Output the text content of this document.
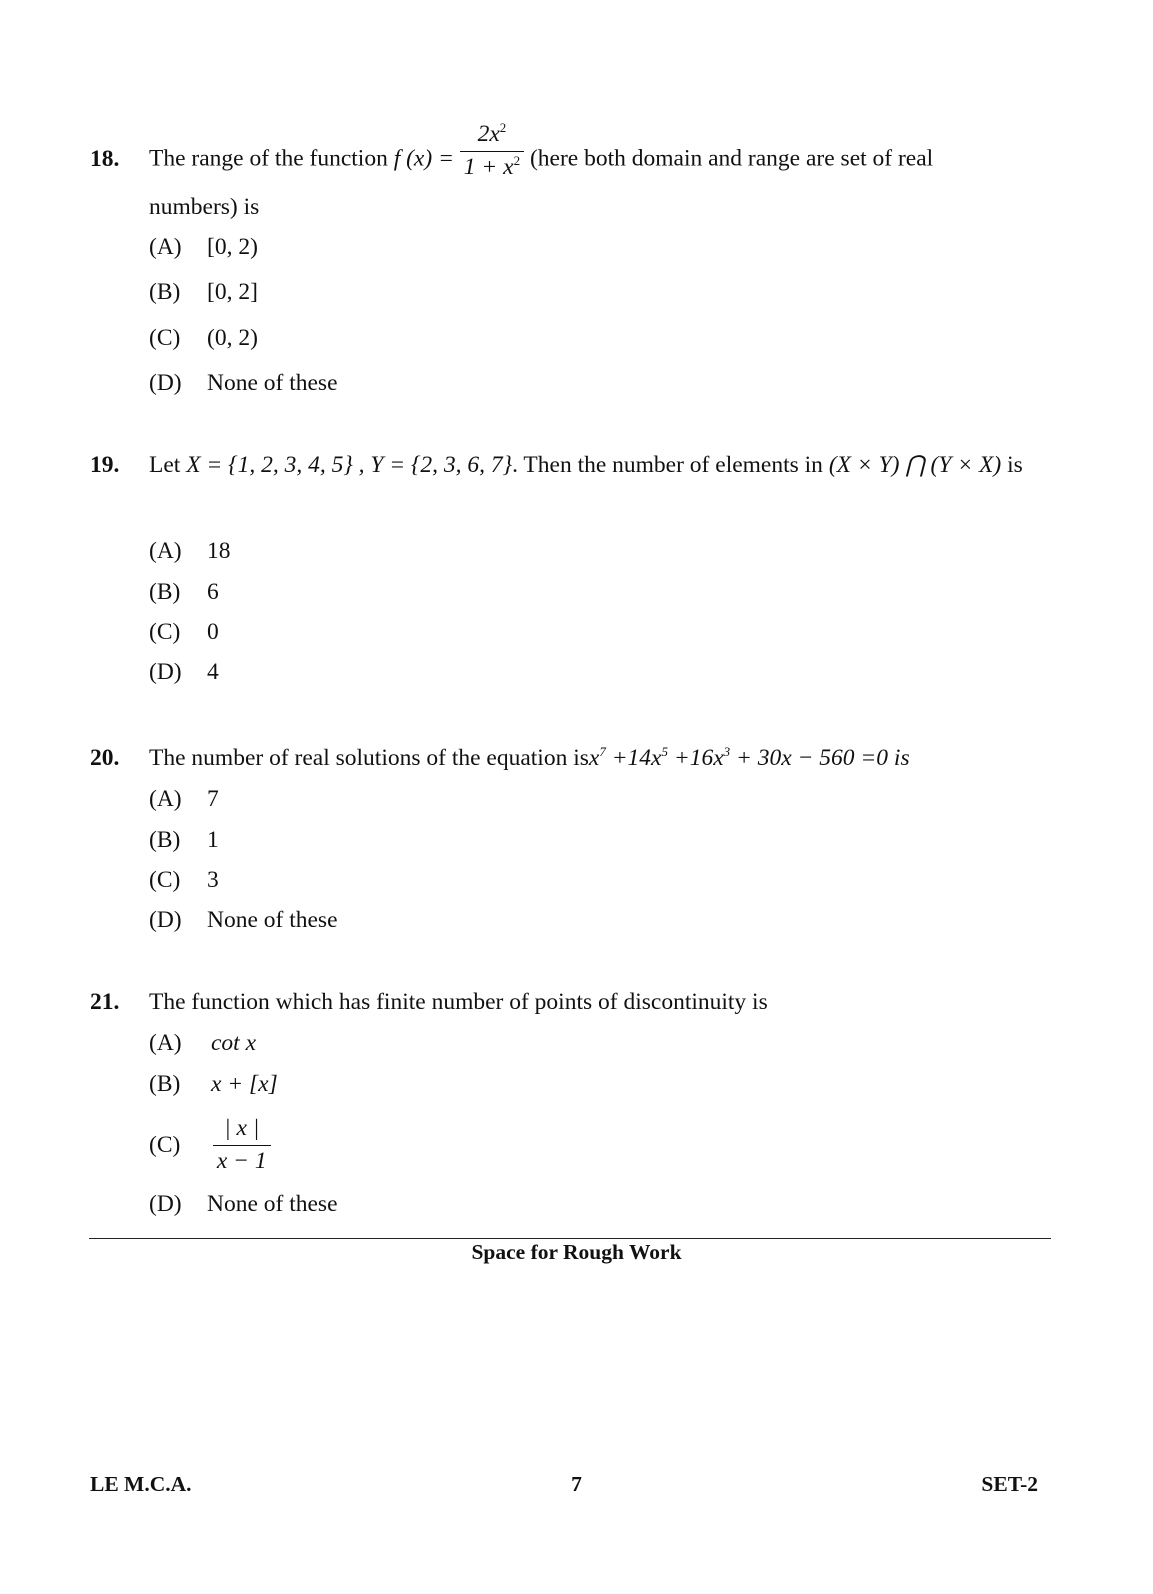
18. The range of the function f $(x) = \frac{2x^2}{1 + x^2}$ (here both domain and range are set of real
numbers) is
(A) [0, 2)
(B) [0, 2]
(C) (0, 2)
(D) None of these
19. Let X = {1, 2, 3, 4, 5} , Y = {2, 3, 6, 7}. Then the number of elements in (X × Y) ⋂ (Y × X) is
(A) 18
(B) 6
(C) 0
(D) 4
20. The number of real solutions of the equation $isx^7 +14x^5 +16x^3 + 30x - 560 =0$ is
(A) 7
(B) 1
(C) 3
(D) None of these
21. The function which has finite number of points of discontinuity is
(A) cot x
(B) x + [x]
$(C) \frac{| x |}{x - 1}$
(D) None of these
Space for Rough Work
LE M.C.A.	7	SET-2
